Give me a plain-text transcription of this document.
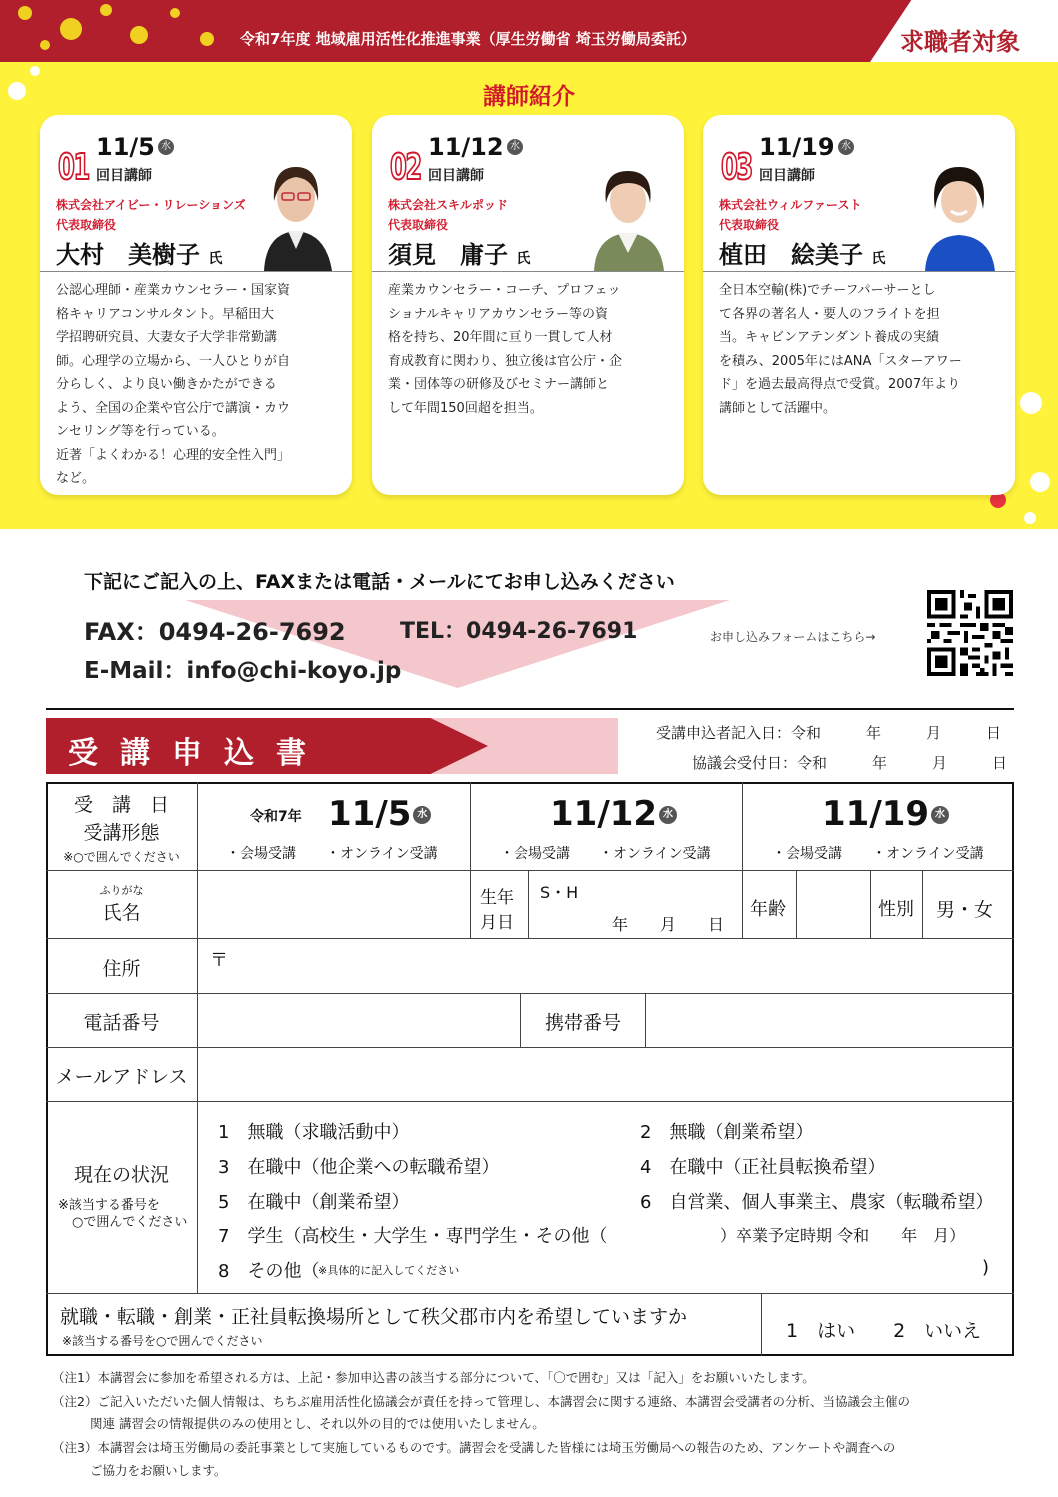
令和7年度 地域雇用活性化推進事業（厚生労働省 埼玉労働局委託）	求職者対象
講師紹介
01 11/5 水
回目講師
株式会社アイビー・リレーションズ
代表取締役
大村　美樹子 氏
公認心理師・産業カウンセラー・国家資
格キャリアコンサルタント。早稲田大
学招聘研究員、大妻女子大学非常勤講
師。心理学の立場から、一人ひとりが自
分らしく、より良い働きかたができる
よう、全国の企業や官公庁で講演・カウ
ンセリング等を行っている。
近著「よくわかる！心理的安全性入門」
など。
02 11/12 水
回目講師
株式会社スキルポッド
代表取締役
須見　庸子 氏
産業カウンセラー・コーチ、プロフェッ
ショナルキャリアカウンセラー等の資
格を持ち、20年間に亘り一貫して人材
育成教育に関わり、独立後は官公庁・企
業・団体等の研修及びセミナー講師と
して年間150回超を担当。
03 11/19 水
回目講師
株式会社ウィルファースト
代表取締役
植田　絵美子 氏
全日本空輸(株)でチーフパーサーとし
て各界の著名人・要人のフライトを担
当。キャビンアテンダント養成の実績
を積み、2005年にはANA「スターアワー
ド」を過去最高得点で受賞。2007年より
講師として活躍中。
下記にご記入の上、FAXまたは電話・メールにてお申し込みください
FAX：0494-26-7692 TEL：0494-26-7691
E-Mail：info@chi-koyo.jp
お申し込みフォームはこちら→
受講申込書
受講申込者記入日：令和　　　年　　　月　　　日
協議会受付日：令和　　　年　　　月　　　日
受　講　日
受講形態
※○で囲んでください
令和7年 11/5 水
・会場受講 ・オンライン受講
11/12 水
・会場受講 ・オンライン受講
11/19 水
・会場受講 ・オンライン受講
ふりがな
氏名
生年
月日
S・H
年　　月　　日
年齢	性別 男・女
住所	〒
電話番号	携帯番号
メールアドレス
現在の状況
※該当する番号を
○で囲んでください
1　無職（求職活動中）	2　無職（創業希望）
3　在職中（他企業への転職希望）	4　在職中（正社員転換希望）
5　在職中（創業希望）	6　自営業、個人事業主、農家（転職希望）
7　学生（高校生・大学生・専門学生・その他（	）卒業予定時期 令和　　年　月）
8　その他（
※具体的に記入してください	)
就職・転職・創業・正社員転換場所として秩父郡市内を希望していますか
※該当する番号を○で囲んでください	1　はい　　2　いいえ
（注1）本講習会に参加を希望される方は、上記・参加申込書の該当する部分について、「〇で囲む」又は「記入」をお願いいたします。
（注2）ご記入いただいた個人情報は、ちちぶ雇用活性化協議会が責任を持って管理し、本講習会に関する連絡、本講習会受講者の分析、当協議会主催の
関連 講習会の情報提供のみの使用とし、それ以外の目的では使用いたしません。
（注3）本講習会は埼玉労働局の委託事業として実施しているものです。講習会を受講した皆様には埼玉労働局への報告のため、アンケートや調査への
ご協力をお願いします。
